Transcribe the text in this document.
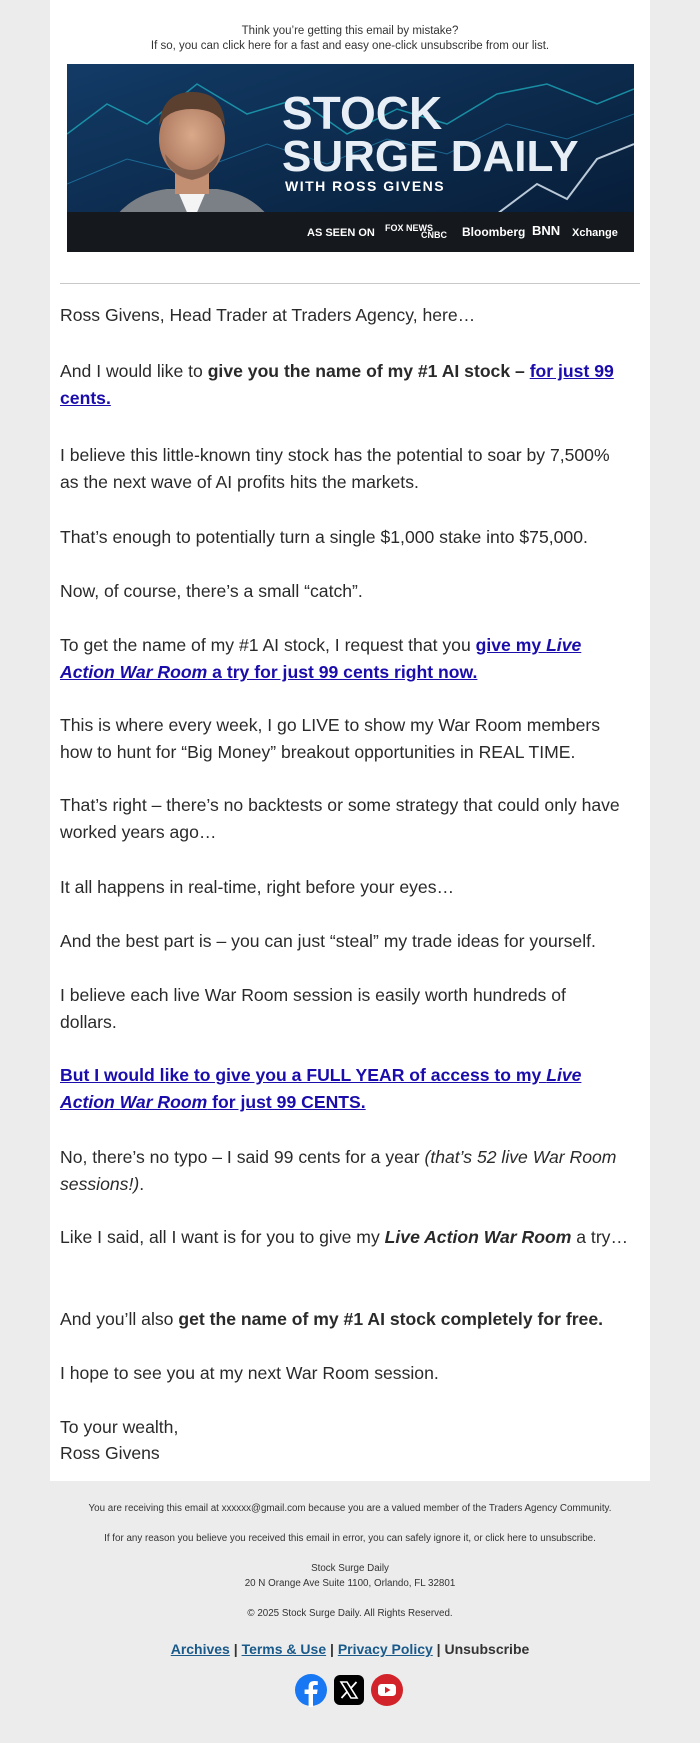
Think you’re getting this email by mistake?
If so, you can click here for a fast and easy one-click unsubscribe from our list.
STOCK
SURGE DAILY
WITH ROSS GIVENS
AS SEEN ON FOX NEWS
CNBC Bloomberg BNN Xchange

Ross Givens, Head Trader at Traders Agency, here…

And I would like to give you the name of my #1 AI stock – for just 99 cents.

I believe this little-known tiny stock has the potential to soar by 7,500% as the next wave of AI profits hits the markets.

That’s enough to potentially turn a single $1,000 stake into $75,000.

Now, of course, there’s a small “catch”.

To get the name of my #1 AI stock, I request that you give my Live Action War Room a try for just 99 cents right now.

This is where every week, I go LIVE to show my War Room members how to hunt for “Big Money” breakout opportunities in REAL TIME.

That’s right – there’s no backtests or some strategy that could only have worked years ago…

It all happens in real-time, right before your eyes…

And the best part is – you can just “steal” my trade ideas for yourself.

I believe each live War Room session is easily worth hundreds of dollars.

But I would like to give you a FULL YEAR of access to my Live Action War Room for just 99 CENTS.

No, there’s no typo – I said 99 cents for a year (that’s 52 live War Room sessions!).

Like I said, all I want is for you to give my Live Action War Room a try…

And you’ll also get the name of my #1 AI stock completely for free.

I hope to see you at my next War Room session.

To your wealth,

Ross Givens

You are receiving this email at xxxxxx@gmail.com because you are a valued member of the Traders Agency Community.
If for any reason you believe you received this email in error, you can safely ignore it, or click here to unsubscribe.
Stock Surge Daily
20 N Orange Ave Suite 1100, Orlando, FL 32801
© 2025 Stock Surge Daily. All Rights Reserved.
Archives | Terms & Use | Privacy Policy | Unsubscribe
